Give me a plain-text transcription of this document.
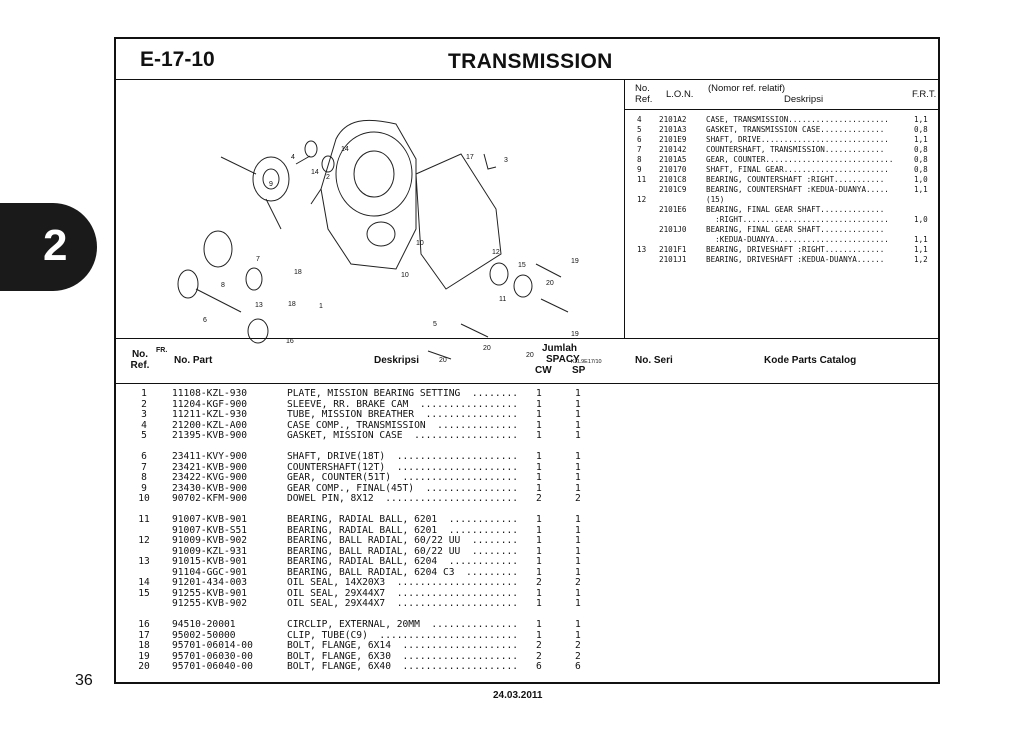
2
E-17-10	TRANSMISSION
4
14
14
2
9
17	3
10
10
12
15
19
20
7
8
18
18	1
13
6
16
11
5
19
20
20
20
FR.
KZL9E17/10
No.
Ref. L.O.N.
(Nomor ref. relatif)
Deskripsi	F.R.T.
4 2101A2	CASE, TRANSMISSION......................	1,1
5 2101A3	GASKET, TRANSMISSION CASE..............	0,8
6 2101E9	SHAFT, DRIVE............................	1,1
7 210142	COUNTERSHAFT, TRANSMISSION.............	0,8
8 2101A5	GEAR, COUNTER............................	0,8
9 210170	SHAFT, FINAL GEAR.......................	0,8
11 2101C8	BEARING, COUNTERSHAFT :RIGHT...........	1,0
2101C9	BEARING, COUNTERSHAFT :KEDUA-DUANYA.....	1,1
12	(15)
2101E6	BEARING, FINAL GEAR SHAFT..............
:RIGHT................................	1,0
2101J0	BEARING, FINAL GEAR SHAFT..............
:KEDUA-DUANYA.........................	1,1
13 2101F1	BEARING, DRIVESHAFT :RIGHT.............	1,1
2101J1	BEARING, DRIVESHAFT :KEDUA-DUANYA......	1,2
No.
Ref.	No. Part	Deskripsi
Jumlah
SPACY
CW SP
No. Seri	Kode Parts Catalog
1	11108-KZL-930	PLATE, MISSION BEARING SETTING  ........ 1	1
2	11204-KGF-900	SLEEVE, RR. BRAKE CAM  ................. 1	1
3	11211-KZL-930	TUBE, MISSION BREATHER  ................ 1	1
4	21200-KZL-A00	CASE COMP., TRANSMISSION  .............. 1	1
5	21395-KVB-900	GASKET, MISSION CASE  .................. 1	1
6	23411-KVY-900	SHAFT, DRIVE(18T)  ..................... 1	1
7	23421-KVB-900	COUNTERSHAFT(12T)  ..................... 1	1
8	23422-KVG-900	GEAR, COUNTER(51T)  .................... 1	1
9	23430-KVB-900	GEAR COMP., FINAL(45T)  ................ 1	1
10	90702-KFM-900	DOWEL PIN, 8X12  ....................... 2	2
11	91007-KVB-901	BEARING, RADIAL BALL, 6201  ............ 1	1
91007-KVB-S51	BEARING, RADIAL BALL, 6201  ............ 1	1
12	91009-KVB-902	BEARING, BALL RADIAL, 60/22 UU  ........ 1	1
91009-KZL-931	BEARING, BALL RADIAL, 60/22 UU  ........ 1	1
13	91015-KVB-901	BEARING, RADIAL BALL, 6204  ............ 1	1
91104-GGC-901	BEARING, BALL RADIAL, 6204 C3  ......... 1	1
14	91201-434-003	OIL SEAL, 14X20X3  ..................... 2	2
15	91255-KVB-901	OIL SEAL, 29X44X7  ..................... 1	1
91255-KVB-902	OIL SEAL, 29X44X7  ..................... 1	1
16	94510-20001	CIRCLIP, EXTERNAL, 20MM  ............... 1	1
17	95002-50000	CLIP, TUBE(C9)  ........................ 1	1
18	95701-06014-00	BOLT, FLANGE, 6X14  .................... 2	2
19	95701-06030-00	BOLT, FLANGE, 6X30  .................... 2	2
20	95701-06040-00	BOLT, FLANGE, 6X40  .................... 6	6
36
24.03.2011
